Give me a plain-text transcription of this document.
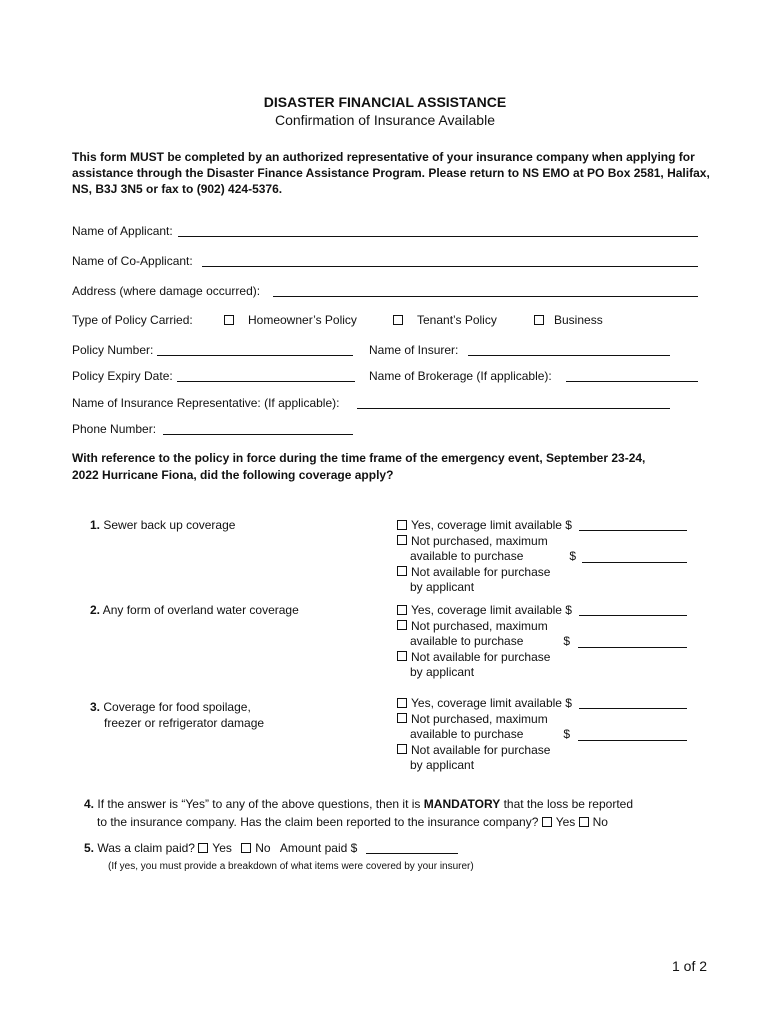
DISASTER FINANCIAL ASSISTANCE
Confirmation of Insurance Available
This form MUST be completed by an authorized representative of your insurance company when applying for assistance through the Disaster Finance Assistance Program. Please return to NS EMO at PO Box 2581, Halifax, NS, B3J 3N5 or fax to (902) 424-5376.
Name of Applicant:
Name of Co-Applicant:
Address (where damage occurred):
Type of Policy Carried:	Homeowner’s Policy	Tenant’s Policy	Business
Policy Number:	Name of Insurer:
Policy Expiry Date:	Name of Brokerage (If applicable):
Name of Insurance Representative: (If applicable):
Phone Number:
With reference to the policy in force during the time frame of the emergency event, September 23-24,
2022 Hurricane Fiona, did the following coverage apply?
1. Sewer back up coverage	Yes, coverage limit available $
Not purchased, maximum
available to purchase	$
Not available for purchase
by applicant
2. Any form of overland water coverage	Yes, coverage limit available $
Not purchased, maximum
available to purchase	$
Not available for purchase
by applicant
3. Coverage for food spoilage,
freezer or refrigerator damage
Yes, coverage limit available $
Not purchased, maximum
available to purchase	$
Not available for purchase
by applicant
4. If the answer is “Yes” to any of the above questions, then it is MANDATORY that the loss be reported
to the insurance company. Has the claim been reported to the insurance company? Yes No
5. Was a claim paid? Yes No Amount paid $
(If yes, you must provide a breakdown of what items were covered by your insurer)
1 of 2
